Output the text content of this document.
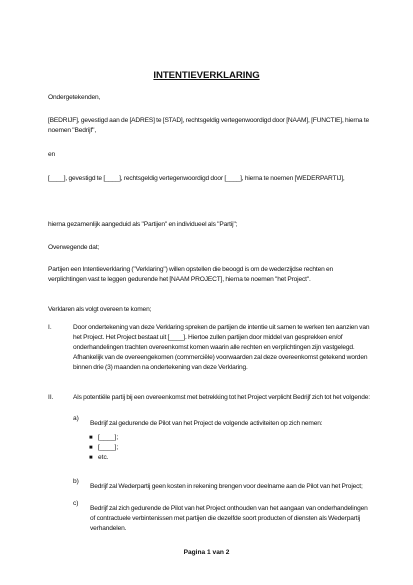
INTENTIEVERKLARING

Ondergetekenden,

[BEDRIJF], gevestigd aan de [ADRES] te [STAD], rechtsgeldig vertegenwoordigd door [NAAM], [FUNCTIE], hierna te noemen "Bedrijf",

en

[____], gevestigd te [____], rechtsgeldig vertegenwoordigd door [____], hierna te noemen [WEDERPARTIJ],

hierna gezamenlijk aangeduid als "Partijen" en individueel als "Partij";

Overwegende dat;

Partijen een Intentieverklaring ("Verklaring") willen opstellen die beoogd is om de wederzijdse rechten en verplichtingen vast te leggen gedurende het [NAAM PROJECT], hierna te noemen "het Project".

Verklaren als volgt overeen te komen;

I.	Door ondertekening van deze Verklaring spreken de partijen de intentie uit samen te werken ten aanzien van het Project. Het Project bestaat uit [____]. Hiertoe zullen partijen door middel van gesprekken en/of onderhandelingen trachten overeenkomst komen waarin alle rechten en verplichtingen zijn vastgelegd. Afhankelijk van de overeengekomen (commerciële) voorwaarden zal deze overeenkomst getekend worden binnen drie (3) maanden na ondertekening van deze Verklaring.

II.	Als potentiële partij bij een overeenkomst met betrekking tot het Project verplicht Bedrijf zich tot het volgende:

a)

Bedrijf zal gedurende de Pilot van het Project de volgende activiteiten op zich nemen:

■ [____];
■ [____];
■ etc.
b)

Bedrijf zal Wederpartij geen kosten in rekening brengen voor deelname aan de Pilot van het Project;

c)

Bedrijf zal zich gedurende de Pilot van het Project onthouden van het aangaan van onderhandelingen of contractuele verbintenissen met partijen die dezelfde soort producten of diensten als Wederpartij verhandelen.

Pagina 1 van 2
